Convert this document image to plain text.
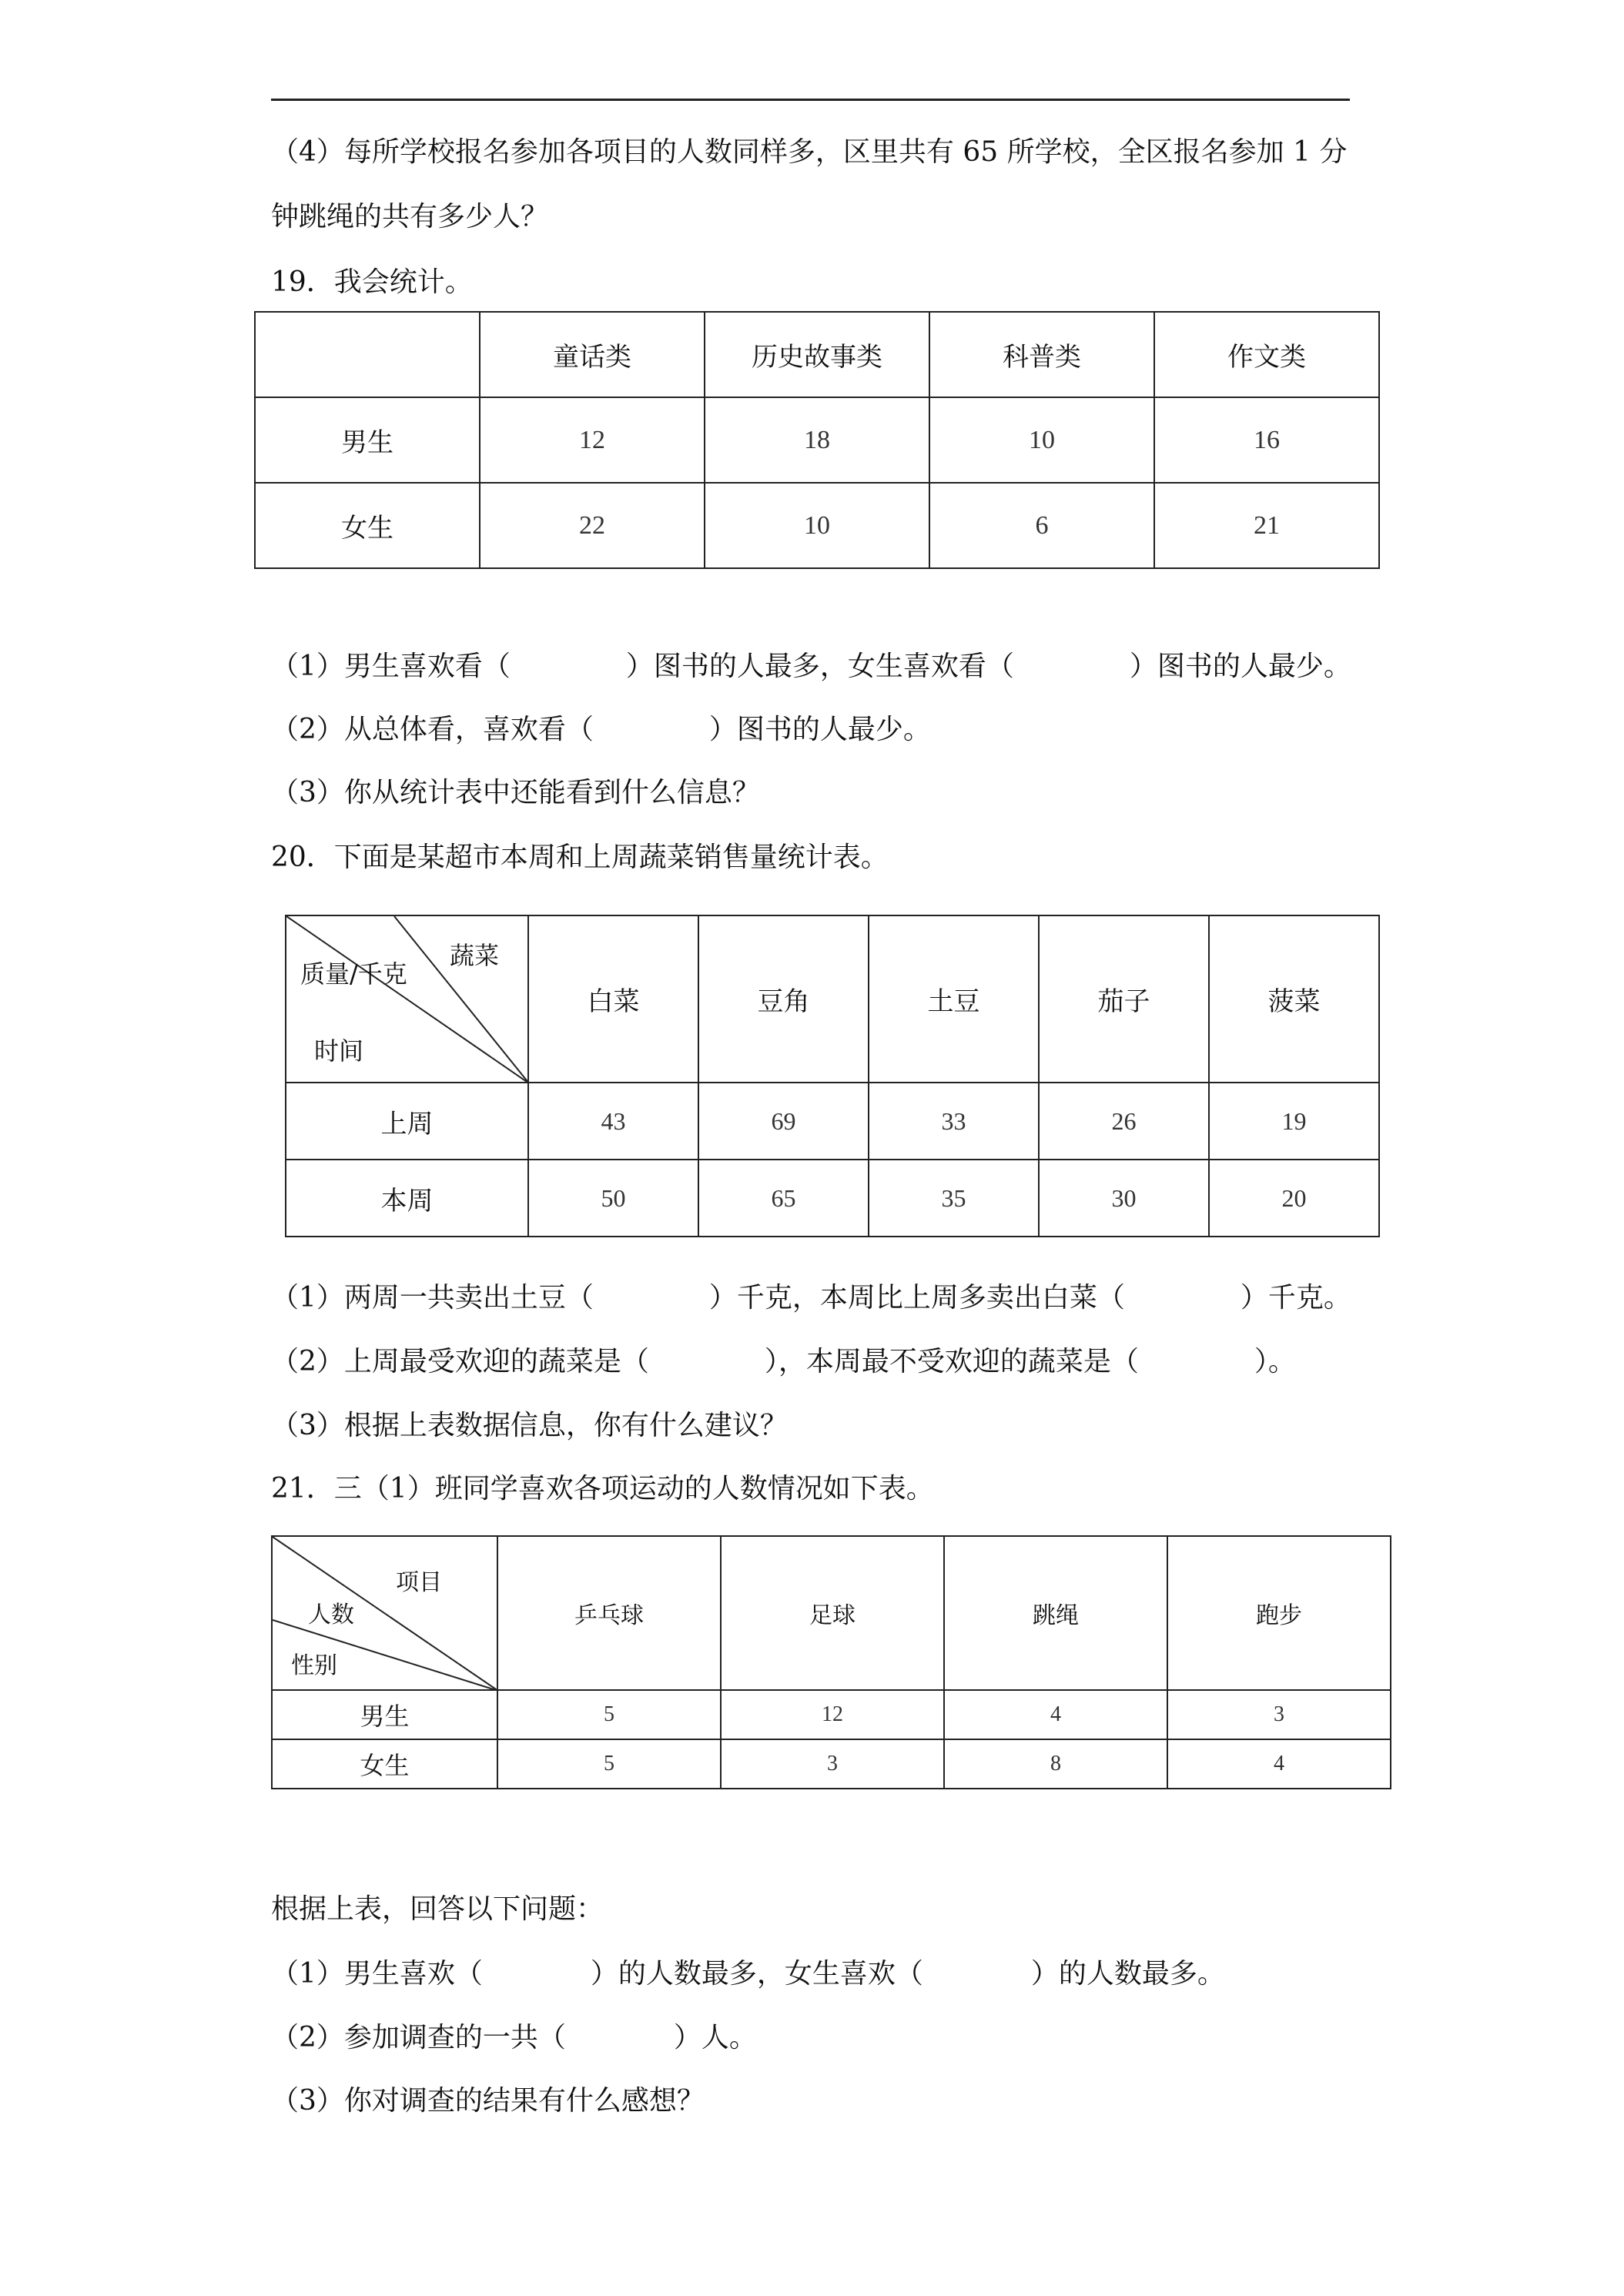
（4）每所学校报名参加各项目的人数同样多，区里共有 65 所学校，全区报名参加 1 分
钟跳绳的共有多少人？
19．我会统计。
	童话类	历史故事类	科普类	作文类
男生	12	18	10	16
女生	22	10	6	21
（1）男生喜欢看（	）图书的人最多，女生喜欢看（	）图书的人最少。
（2）从总体看，喜欢看（	）图书的人最少。
（3）你从统计表中还能看到什么信息？
20．下面是某超市本周和上周蔬菜销售量统计表。
蔬菜
质量/千克
时间	白菜	豆角	土豆	茄子	菠菜
上周	43	69	33	26	19
本周	50	65	35	30	20
（1）两周一共卖出土豆（	）千克，本周比上周多卖出白菜（	）千克。
（2）上周最受欢迎的蔬菜是（	），本周最不受欢迎的蔬菜是（	）。
（3）根据上表数据信息，你有什么建议？
21．三（1）班同学喜欢各项运动的人数情况如下表。
项目
人数
性别	乒乓球	足球	跳绳	跑步
男生	5	12	4	3
女生	5	3	8	4
根据上表，回答以下问题：
（1）男生喜欢（	）的人数最多，女生喜欢（	）的人数最多。
（2）参加调查的一共（	）人。
（3）你对调查的结果有什么感想？
